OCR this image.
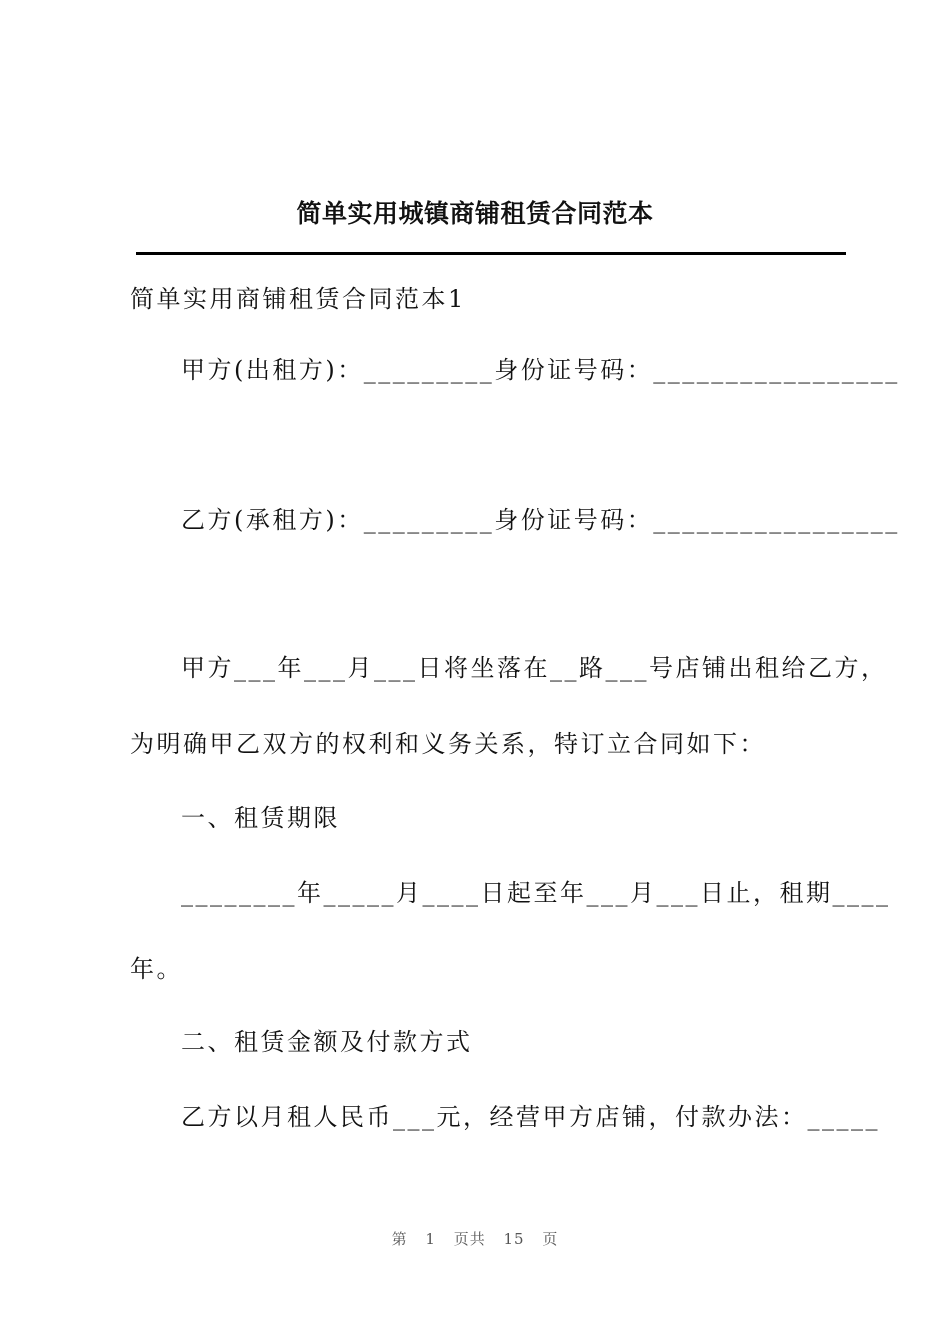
简单实用城镇商铺租赁合同范本
简单实用商铺租赁合同范本1
甲方(出租方)：_________身份证号码：_________________
乙方(承租方)：_________身份证号码：_________________
甲方___年___月___日将坐落在__路___号店铺出租给乙方，
为明确甲乙双方的权利和义务关系，特订立合同如下：
一、租赁期限
________年_____月____日起至年___月___日止，租期____
年。
二、租赁金额及付款方式
乙方以月租人民币___元，经营甲方店铺，付款办法：_____
第 1 页共 15 页
